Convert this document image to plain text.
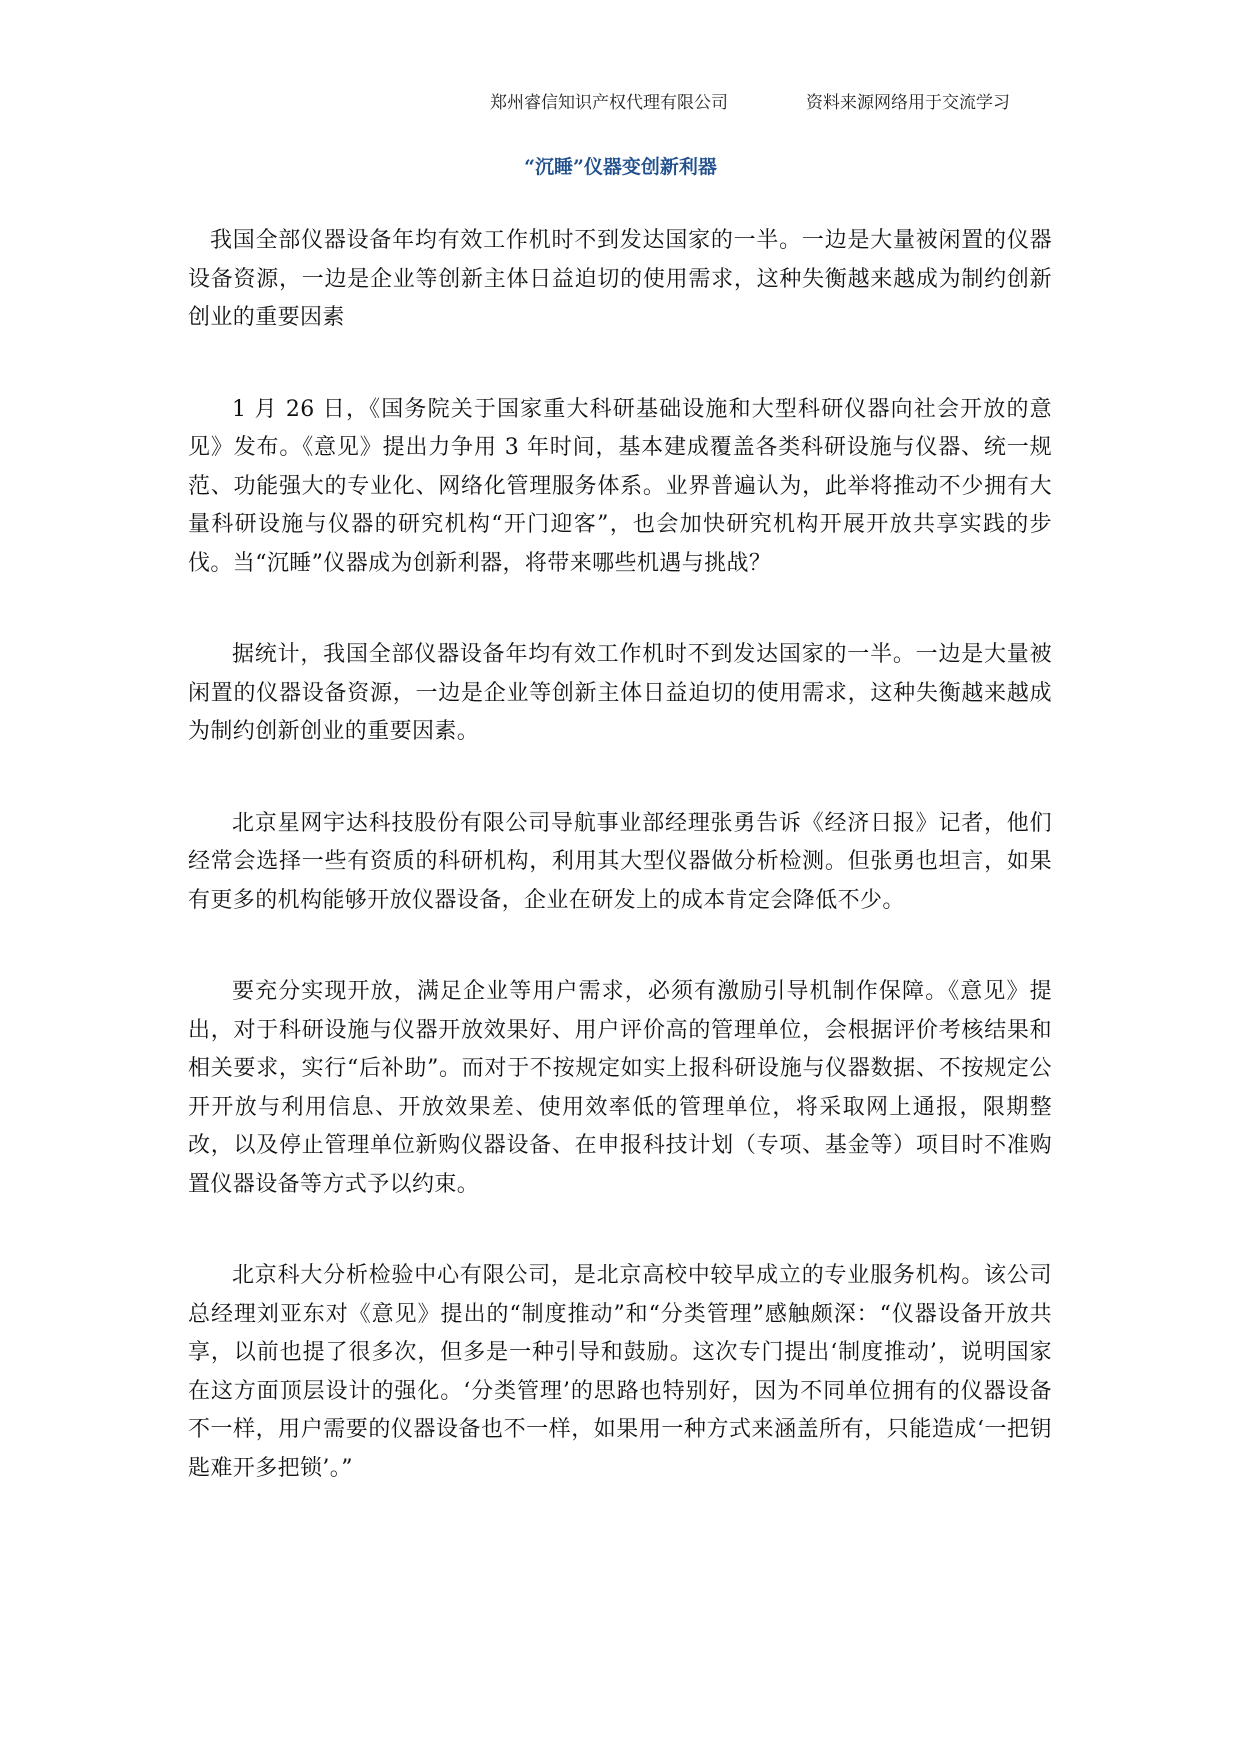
郑州睿信知识产权代理有限公司	资料来源网络用于交流学习
“沉睡”仪器变创新利器

我国全部仪器设备年均有效工作机时不到发达国家的一半。一边是大量被闲置的仪器设备资源，一边是企业等创新主体日益迫切的使用需求，这种失衡越来越成为制约创新创业的重要因素

1 月 26 日，《国务院关于国家重大科研基础设施和大型科研仪器向社会开放的意见》发布。《意见》提出力争用 3 年时间，基本建成覆盖各类科研设施与仪器、统一规范、功能强大的专业化、网络化管理服务体系。业界普遍认为，此举将推动不少拥有大量科研设施与仪器的研究机构“开门迎客”，也会加快研究机构开展开放共享实践的步伐。当“沉睡”仪器成为创新利器，将带来哪些机遇与挑战？

据统计，我国全部仪器设备年均有效工作机时不到发达国家的一半。一边是大量被闲置的仪器设备资源，一边是企业等创新主体日益迫切的使用需求，这种失衡越来越成为制约创新创业的重要因素。

北京星网宇达科技股份有限公司导航事业部经理张勇告诉《经济日报》记者，他们经常会选择一些有资质的科研机构，利用其大型仪器做分析检测。但张勇也坦言，如果有更多的机构能够开放仪器设备，企业在研发上的成本肯定会降低不少。

要充分实现开放，满足企业等用户需求，必须有激励引导机制作保障。《意见》提出，对于科研设施与仪器开放效果好、用户评价高的管理单位，会根据评价考核结果和相关要求，实行“后补助”。而对于不按规定如实上报科研设施与仪器数据、不按规定公开开放与利用信息、开放效果差、使用效率低的管理单位，将采取网上通报，限期整改，以及停止管理单位新购仪器设备、在申报科技计划（专项、基金等）项目时不准购置仪器设备等方式予以约束。

北京科大分析检验中心有限公司，是北京高校中较早成立的专业服务机构。该公司总经理刘亚东对《意见》提出的“制度推动”和“分类管理”感触颇深：“仪器设备开放共享，以前也提了很多次，但多是一种引导和鼓励。这次专门提出‘制度推动’，说明国家在这方面顶层设计的强化。‘分类管理’的思路也特别好，因为不同单位拥有的仪器设备不一样，用户需要的仪器设备也不一样，如果用一种方式来涵盖所有，只能造成‘一把钥匙难开多把锁’。”
